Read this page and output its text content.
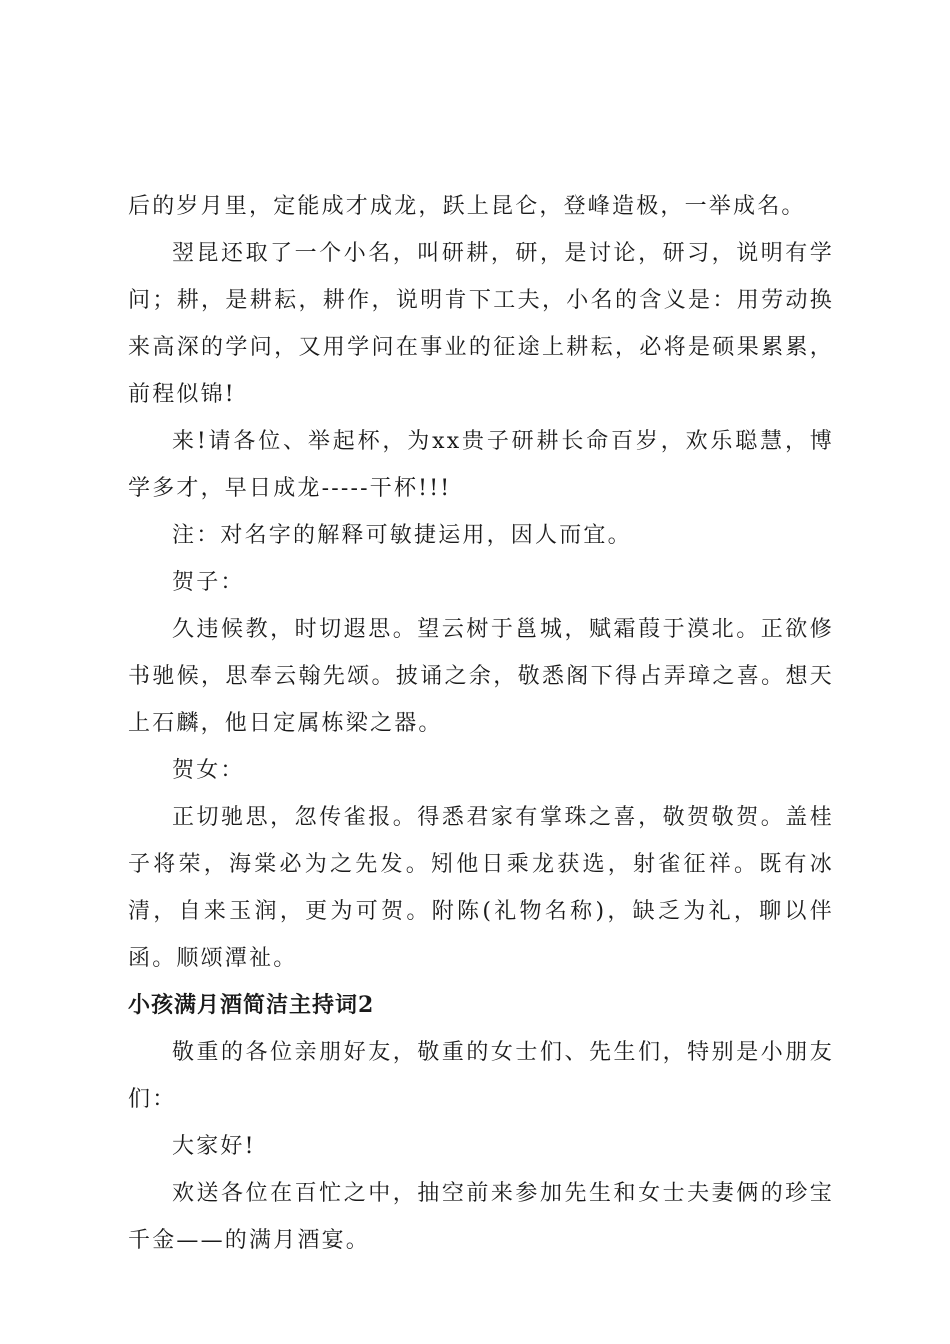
后的岁月里，定能成才成龙，跃上昆仑，登峰造极，一举成名。

翌昆还取了一个小名，叫研耕，研，是讨论，研习，说明有学问；耕，是耕耘，耕作，说明肯下工夫，小名的含义是：用劳动换来高深的学问，又用学问在事业的征途上耕耘，必将是硕果累累，前程似锦!

来!请各位、举起杯，为xx贵子研耕长命百岁，欢乐聪慧，博学多才，早日成龙-----干杯!!!

注：对名字的解释可敏捷运用，因人而宜。

贺子：

久违候教，时切遐思。望云树于邕城，赋霜葭于漠北。正欲修书驰候，思奉云翰先颂。披诵之余，敬悉阁下得占弄璋之喜。想天上石麟，他日定属栋梁之器。

贺女：

正切驰思，忽传雀报。得悉君家有掌珠之喜，敬贺敬贺。盖桂子将荣，海棠必为之先发。矧他日乘龙获选，射雀征祥。既有冰清，自来玉润，更为可贺。附陈(礼物名称)，缺乏为礼，聊以伴函。顺颂潭祉。

小孩满月酒简洁主持词2

敬重的各位亲朋好友，敬重的女士们、先生们，特别是小朋友们：

大家好!

欢送各位在百忙之中，抽空前来参加先生和女士夫妻俩的珍宝千金——的满月酒宴。
